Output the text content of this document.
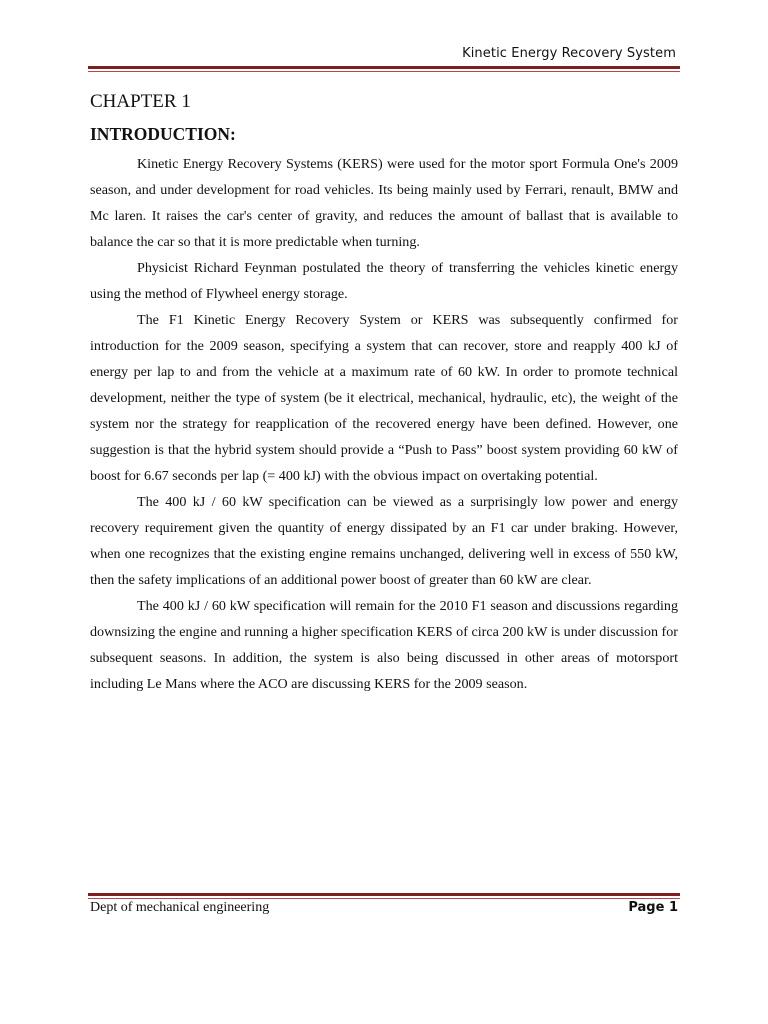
Kinetic Energy Recovery System
CHAPTER 1
INTRODUCTION:

Kinetic Energy Recovery Systems (KERS) were used for the motor sport Formula One's 2009 season, and under development for road vehicles. Its being mainly used by Ferrari, renault, BMW and Mc laren. It raises the car's center of gravity, and reduces the amount of ballast that is available to balance the car so that it is more predictable when turning.

Physicist Richard Feynman postulated the theory of transferring the vehicles kinetic energy using the method of Flywheel energy storage.

The F1 Kinetic Energy Recovery System or KERS was subsequently confirmed for introduction for the 2009 season, specifying a system that can recover, store and reapply 400 kJ of energy per lap to and from the vehicle at a maximum rate of 60 kW. In order to promote technical development, neither the type of system (be it electrical, mechanical, hydraulic, etc), the weight of the system nor the strategy for reapplication of the recovered energy have been defined. However, one suggestion is that the hybrid system should provide a “Push to Pass” boost system providing 60 kW of boost for 6.67 seconds per lap (= 400 kJ) with the obvious impact on overtaking potential.

The 400 kJ / 60 kW specification can be viewed as a surprisingly low power and energy recovery requirement given the quantity of energy dissipated by an F1 car under braking. However, when one recognizes that the existing engine remains unchanged, delivering well in excess of 550 kW, then the safety implications of an additional power boost of greater than 60 kW are clear.

The 400 kJ / 60 kW specification will remain for the 2010 F1 season and discussions regarding downsizing the engine and running a higher specification KERS of circa 200 kW is under discussion for subsequent seasons. In addition, the system is also being discussed in other areas of motorsport including Le Mans where the ACO are discussing KERS for the 2009 season.

Dept of mechanical engineering	Page 1
